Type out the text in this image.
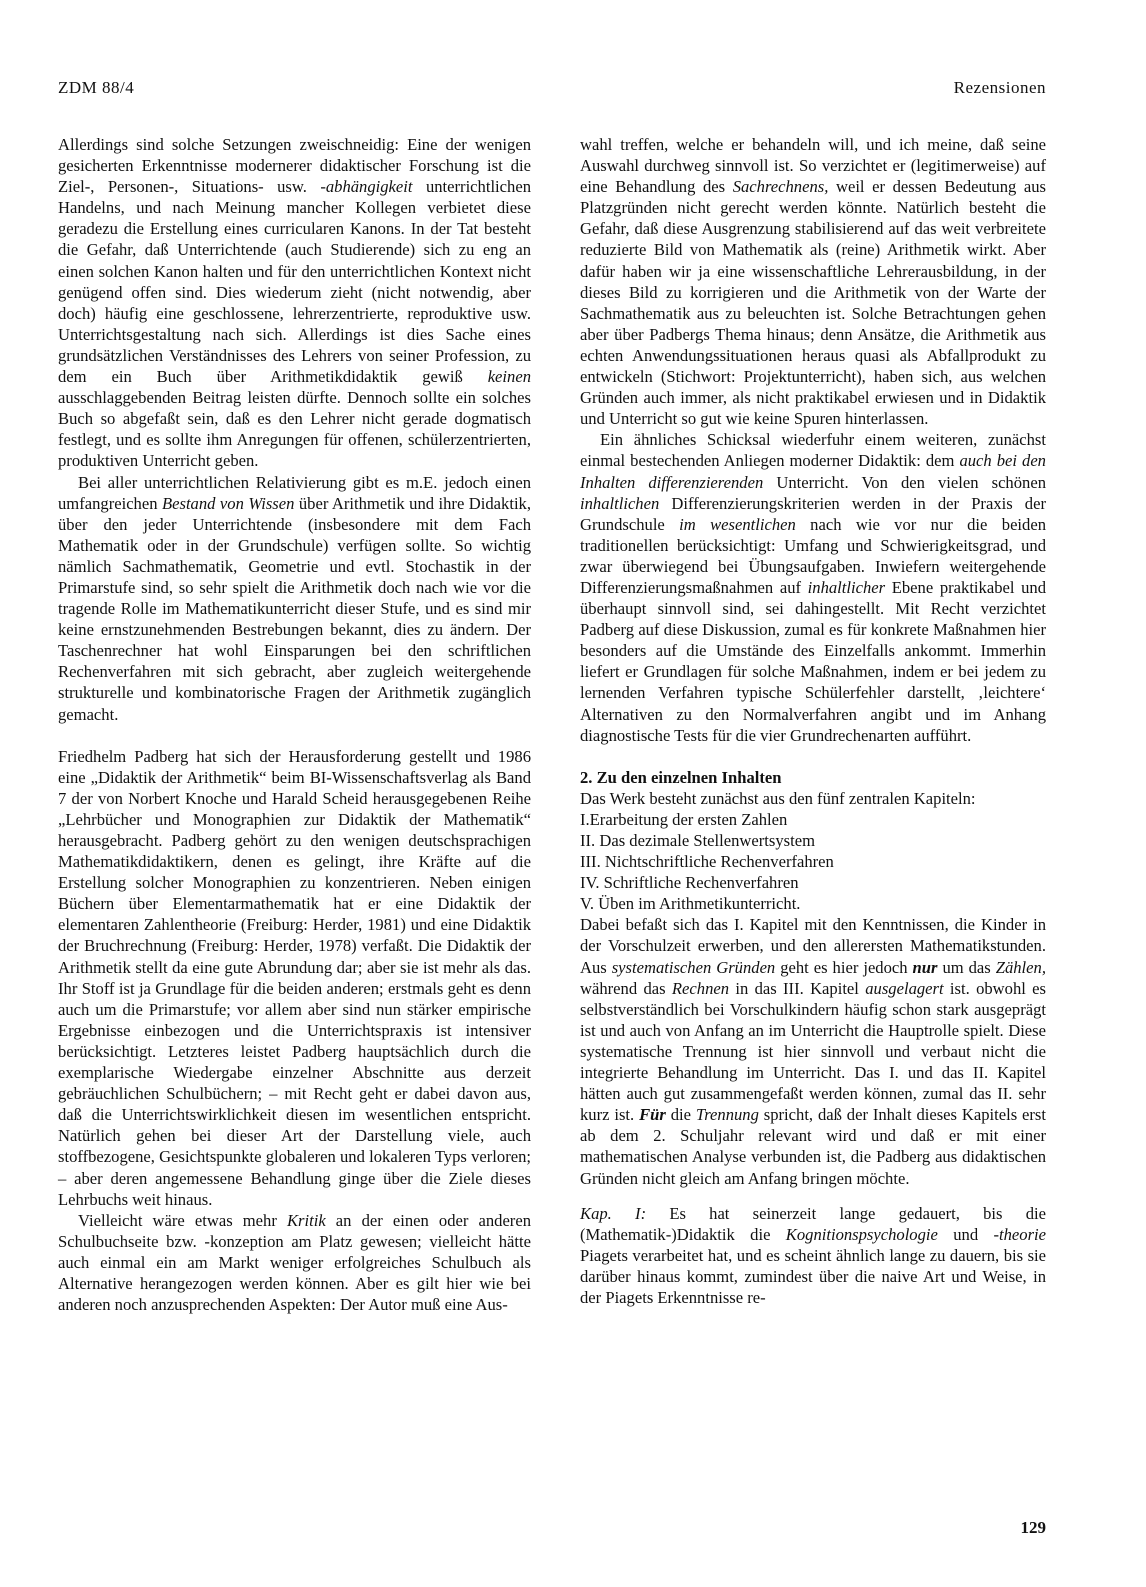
ZDM 88/4	Rezensionen

Allerdings sind solche Setzungen zweischneidig: Eine der wenigen gesicherten Erkenntnisse modernerer didaktischer Forschung ist die Ziel-, Personen-, Situations- usw. -abhängigkeit unterrichtlichen Handelns, und nach Meinung mancher Kollegen verbietet diese geradezu die Erstellung eines curricularen Kanons. In der Tat besteht die Gefahr, daß Unterrichtende (auch Studierende) sich zu eng an einen solchen Kanon halten und für den unterrichtlichen Kontext nicht genügend offen sind. Dies wiederum zieht (nicht notwendig, aber doch) häufig eine geschlossene, lehrerzentrierte, reproduktive usw. Unterrichtsgestaltung nach sich. Allerdings ist dies Sache eines grundsätzlichen Verständnisses des Lehrers von seiner Profession, zu dem ein Buch über Arithmetikdidaktik gewiß keinen ausschlaggebenden Beitrag leisten dürfte. Dennoch sollte ein solches Buch so abgefaßt sein, daß es den Lehrer nicht gerade dogmatisch festlegt, und es sollte ihm Anregungen für offenen, schülerzentrierten, produktiven Unterricht geben.

Bei aller unterrichtlichen Relativierung gibt es m.E. jedoch einen umfangreichen Bestand von Wissen über Arithmetik und ihre Didaktik, über den jeder Unterrichtende (insbesondere mit dem Fach Mathematik oder in der Grundschule) verfügen sollte. So wichtig nämlich Sachmathematik, Geometrie und evtl. Stochastik in der Primarstufe sind, so sehr spielt die Arithmetik doch nach wie vor die tragende Rolle im Mathematikunterricht dieser Stufe, und es sind mir keine ernstzunehmenden Bestrebungen bekannt, dies zu ändern. Der Taschenrechner hat wohl Einsparungen bei den schriftlichen Rechenverfahren mit sich gebracht, aber zugleich weitergehende strukturelle und kombinatorische Fragen der Arithmetik zugänglich gemacht.

Friedhelm Padberg hat sich der Herausforderung gestellt und 1986 eine „Didaktik der Arithmetik“ beim BI-Wissenschaftsverlag als Band 7 der von Norbert Knoche und Harald Scheid herausgegebenen Reihe „Lehrbücher und Monographien zur Didaktik der Mathematik“ herausgebracht. Padberg gehört zu den wenigen deutschsprachigen Mathematikdidaktikern, denen es gelingt, ihre Kräfte auf die Erstellung solcher Monographien zu konzentrieren. Neben einigen Büchern über Elementarmathematik hat er eine Didaktik der elementaren Zahlentheorie (Freiburg: Herder, 1981) und eine Didaktik der Bruchrechnung (Freiburg: Herder, 1978) verfaßt. Die Didaktik der Arithmetik stellt da eine gute Abrundung dar; aber sie ist mehr als das. Ihr Stoff ist ja Grundlage für die beiden anderen; erstmals geht es denn auch um die Primarstufe; vor allem aber sind nun stärker empirische Ergebnisse einbezogen und die Unterrichtspraxis ist intensiver berücksichtigt. Letzteres leistet Padberg hauptsächlich durch die exemplarische Wiedergabe einzelner Abschnitte aus derzeit gebräuchlichen Schulbüchern; – mit Recht geht er dabei davon aus, daß die Unterrichtswirklichkeit diesen im wesentlichen entspricht. Natürlich gehen bei dieser Art der Darstellung viele, auch stoffbezogene, Gesichtspunkte globaleren und lokaleren Typs verloren; – aber deren angemessene Behandlung ginge über die Ziele dieses Lehrbuchs weit hinaus.

Vielleicht wäre etwas mehr Kritik an der einen oder anderen Schulbuchseite bzw. -konzeption am Platz gewesen; vielleicht hätte auch einmal ein am Markt weniger erfolgreiches Schulbuch als Alternative herangezogen werden können. Aber es gilt hier wie bei anderen noch anzusprechenden Aspekten: Der Autor muß eine Aus-

wahl treffen, welche er behandeln will, und ich meine, daß seine Auswahl durchweg sinnvoll ist. So verzichtet er (legitimerweise) auf eine Behandlung des Sachrechnens, weil er dessen Bedeutung aus Platzgründen nicht gerecht werden könnte. Natürlich besteht die Gefahr, daß diese Ausgrenzung stabilisierend auf das weit verbreitete reduzierte Bild von Mathematik als (reine) Arithmetik wirkt. Aber dafür haben wir ja eine wissenschaftliche Lehrerausbildung, in der dieses Bild zu korrigieren und die Arithmetik von der Warte der Sachmathematik aus zu beleuchten ist. Solche Betrachtungen gehen aber über Padbergs Thema hinaus; denn Ansätze, die Arithmetik aus echten Anwendungssituationen heraus quasi als Abfallprodukt zu entwickeln (Stichwort: Projektunterricht), haben sich, aus welchen Gründen auch immer, als nicht praktikabel erwiesen und in Didaktik und Unterricht so gut wie keine Spuren hinterlassen.

Ein ähnliches Schicksal wiederfuhr einem weiteren, zunächst einmal bestechenden Anliegen moderner Didaktik: dem auch bei den Inhalten differenzierenden Unterricht. Von den vielen schönen inhaltlichen Differenzierungskriterien werden in der Praxis der Grundschule im wesentlichen nach wie vor nur die beiden traditionellen berücksichtigt: Umfang und Schwierigkeitsgrad, und zwar überwiegend bei Übungsaufgaben. Inwiefern weitergehende Differenzierungsmaßnahmen auf inhaltlicher Ebene praktikabel und überhaupt sinnvoll sind, sei dahingestellt. Mit Recht verzichtet Padberg auf diese Diskussion, zumal es für konkrete Maßnahmen hier besonders auf die Umstände des Einzelfalls ankommt. Immerhin liefert er Grundlagen für solche Maßnahmen, indem er bei jedem zu lernenden Verfahren typische Schülerfehler darstellt, ‚leichtere‘ Alternativen zu den Normalverfahren angibt und im Anhang diagnostische Tests für die vier Grundrechenarten aufführt.

2. Zu den einzelnen Inhalten

Das Werk besteht zunächst aus den fünf zentralen Kapiteln:

I.Erarbeitung der ersten Zahlen
II. Das dezimale Stellenwertsystem
III. Nichtschriftliche Rechenverfahren
IV. Schriftliche Rechenverfahren
V. Üben im Arithmetikunterricht.

Dabei befaßt sich das I. Kapitel mit den Kenntnissen, die Kinder in der Vorschulzeit erwerben, und den allerersten Mathematikstunden. Aus systematischen Gründen geht es hier jedoch nur um das Zählen, während das Rechnen in das III. Kapitel ausgelagert ist. obwohl es selbstverständlich bei Vorschulkindern häufig schon stark ausgeprägt ist und auch von Anfang an im Unterricht die Hauptrolle spielt. Diese systematische Trennung ist hier sinnvoll und verbaut nicht die integrierte Behandlung im Unterricht. Das I. und das II. Kapitel hätten auch gut zusammengefaßt werden können, zumal das II. sehr kurz ist. Für die Trennung spricht, daß der Inhalt dieses Kapitels erst ab dem 2. Schuljahr relevant wird und daß er mit einer mathematischen Analyse verbunden ist, die Padberg aus didaktischen Gründen nicht gleich am Anfang bringen möchte.

Kap. I: Es hat seinerzeit lange gedauert, bis die (Mathematik-)Didaktik die Kognitionspsychologie und -theorie Piagets verarbeitet hat, und es scheint ähnlich lange zu dauern, bis sie darüber hinaus kommt, zumindest über die naive Art und Weise, in der Piagets Erkenntnisse re-

129
